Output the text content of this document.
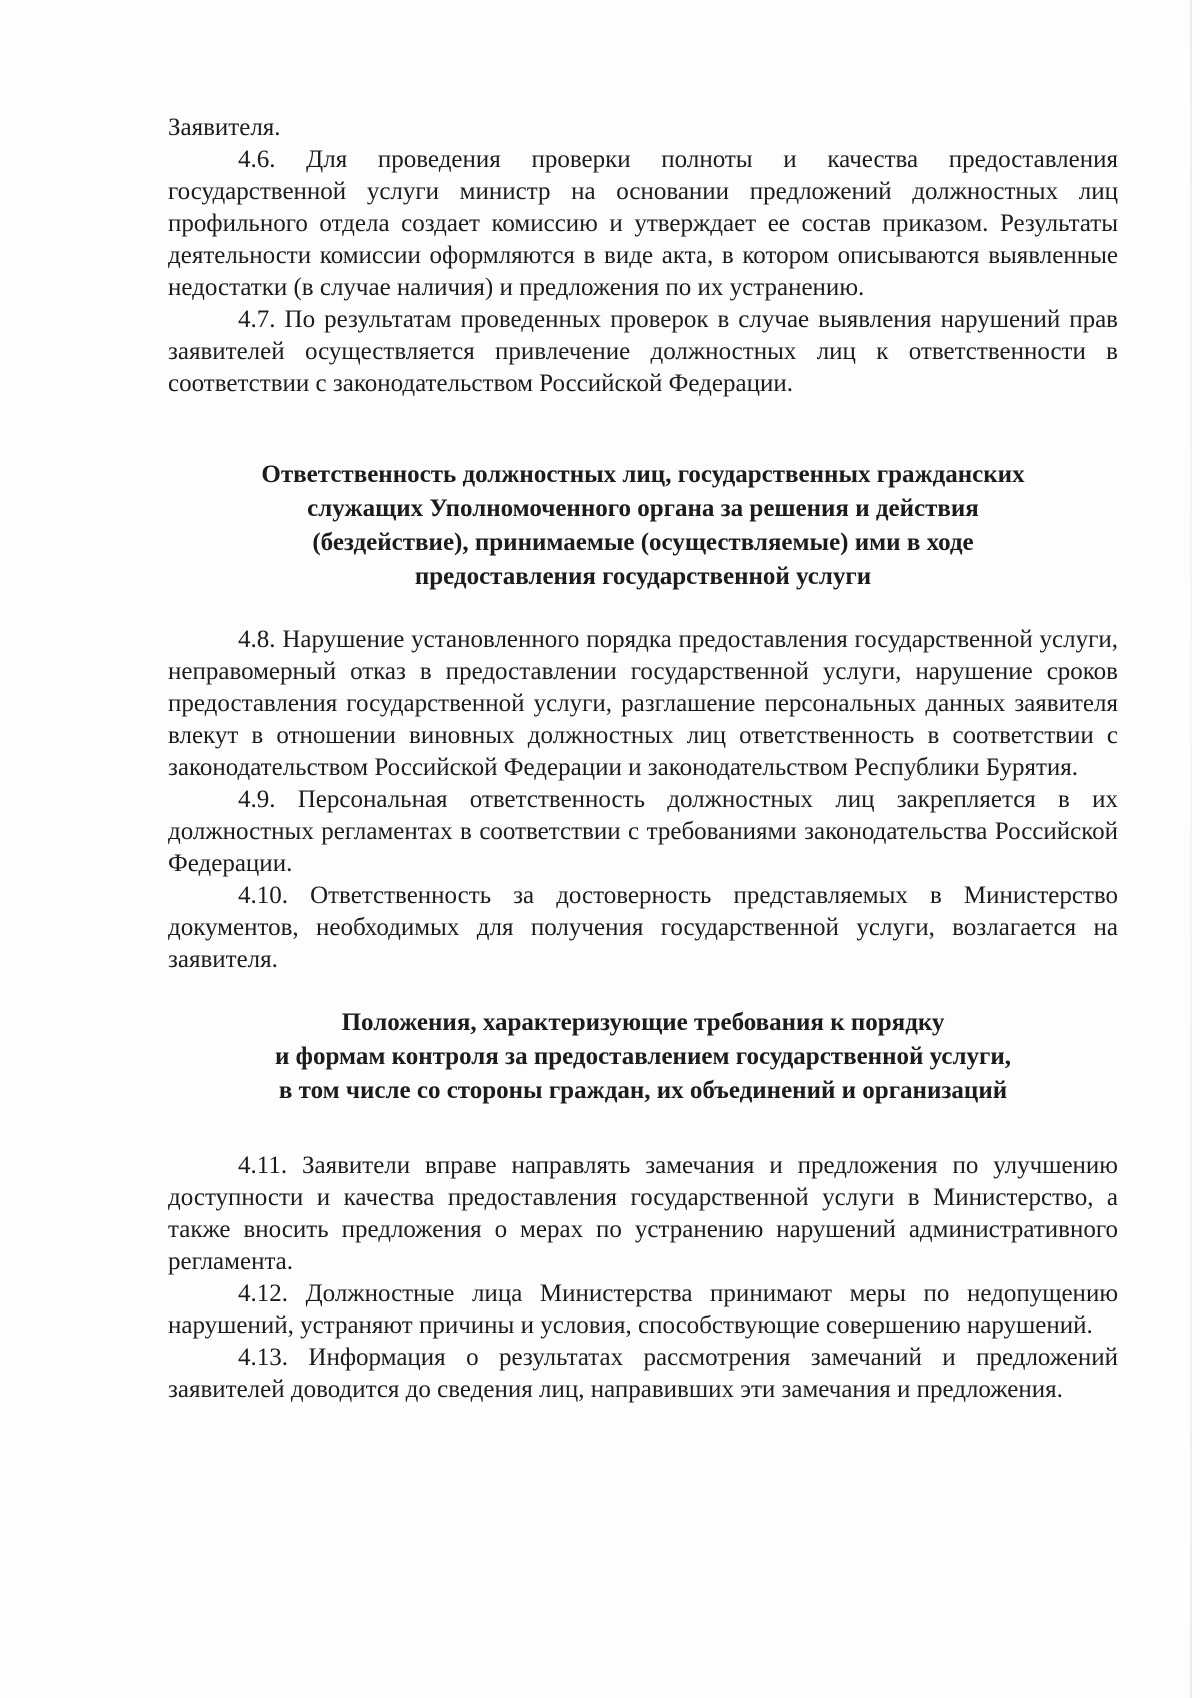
Заявителя.

4.6. Для проведения проверки полноты и качества предоставления государственной услуги министр на основании предложений должностных лиц профильного отдела создает комиссию и утверждает ее состав приказом. Результаты деятельности комиссии оформляются в виде акта, в котором описываются выявленные недостатки (в случае наличия) и предложения по их устранению.

4.7. По результатам проведенных проверок в случае выявления нарушений прав заявителей осуществляется привлечение должностных лиц к ответственности в соответствии с законодательством Российской Федерации.

Ответственность должностных лиц, государственных гражданских
служащих Уполномоченного органа за решения и действия
(бездействие), принимаемые (осуществляемые) ими в ходе
предоставления государственной услуги

4.8. Нарушение установленного порядка предоставления государственной услуги, неправомерный отказ в предоставлении государственной услуги, нарушение сроков предоставления государственной услуги, разглашение персональных данных заявителя влекут в отношении виновных должностных лиц ответственность в соответствии с законодательством Российской Федерации и законодательством Республики Бурятия.

4.9. Персональная ответственность должностных лиц закрепляется в их должностных регламентах в соответствии с требованиями законодательства Российской Федерации.

4.10. Ответственность за достоверность представляемых в Министерство документов, необходимых для получения государственной услуги, возлагается на заявителя.

Положения, характеризующие требования к порядку
и формам контроля за предоставлением государственной услуги,
в том числе со стороны граждан, их объединений и организаций

4.11. Заявители вправе направлять замечания и предложения по улучшению доступности и качества предоставления государственной услуги в Министерство, а также вносить предложения о мерах по устранению нарушений административного регламента.

4.12. Должностные лица Министерства принимают меры по недопущению нарушений, устраняют причины и условия, способствующие совершению нарушений.

4.13. Информация о результатах рассмотрения замечаний и предложений заявителей доводится до сведения лиц, направивших эти замечания и предложения.
